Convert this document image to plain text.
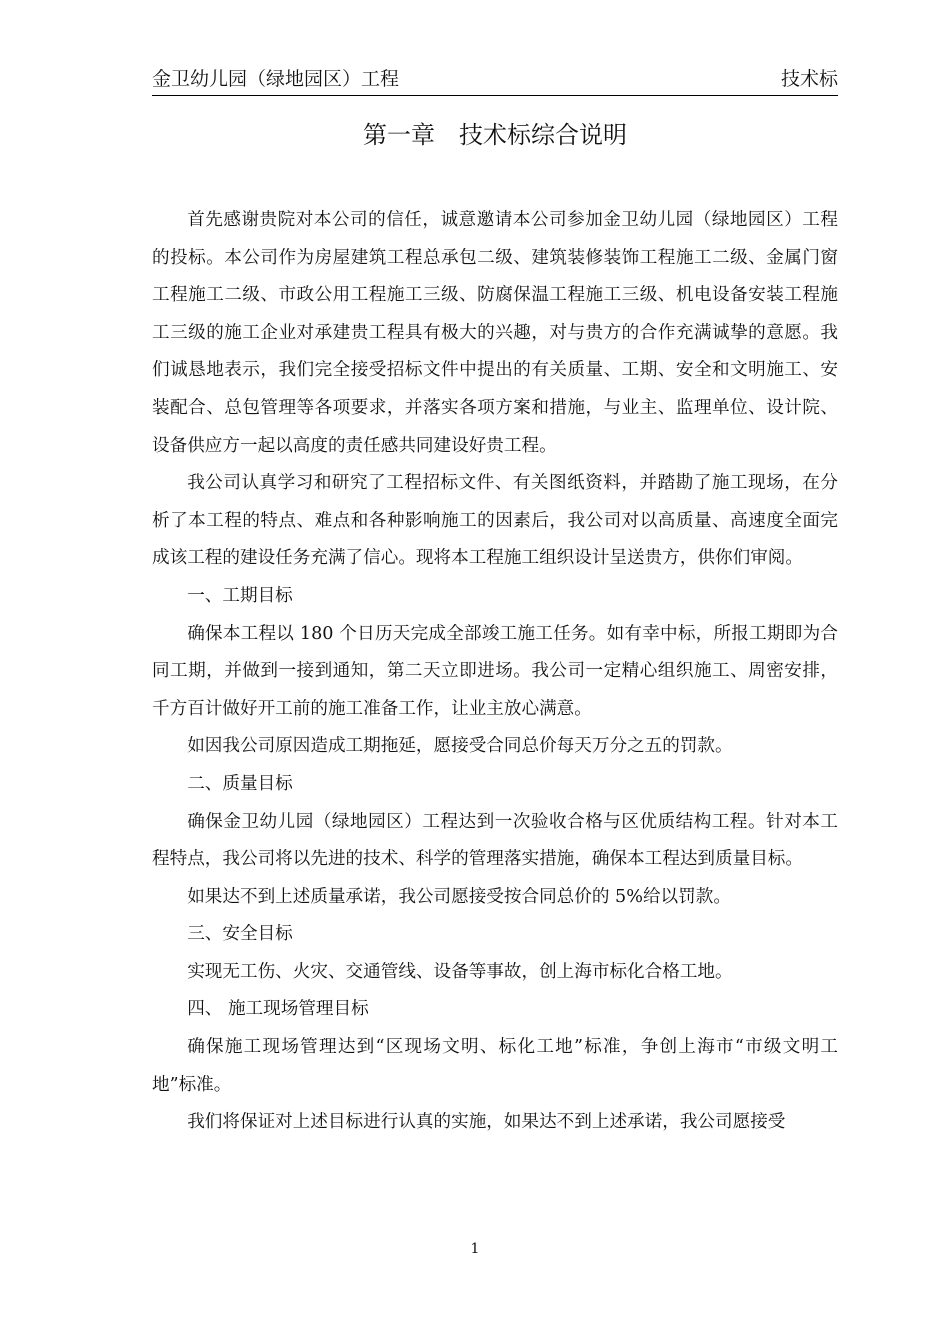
金卫幼儿园（绿地园区）工程	技术标
第一章　技术标综合说明

首先感谢贵院对本公司的信任，诚意邀请本公司参加金卫幼儿园（绿地园区）工程的投标。本公司作为房屋建筑工程总承包二级、建筑装修装饰工程施工二级、金属门窗工程施工二级、市政公用工程施工三级、防腐保温工程施工三级、机电设备安装工程施工三级的施工企业对承建贵工程具有极大的兴趣，对与贵方的合作充满诚挚的意愿。我们诚恳地表示，我们完全接受招标文件中提出的有关质量、工期、安全和文明施工、安装配合、总包管理等各项要求，并落实各项方案和措施，与业主、监理单位、设计院、设备供应方一起以高度的责任感共同建设好贵工程。

我公司认真学习和研究了工程招标文件、有关图纸资料，并踏勘了施工现场，在分析了本工程的特点、难点和各种影响施工的因素后，我公司对以高质量、高速度全面完成该工程的建设任务充满了信心。现将本工程施工组织设计呈送贵方，供你们审阅。

一、工期目标

确保本工程以 180 个日历天完成全部竣工施工任务。如有幸中标，所报工期即为合同工期，并做到一接到通知，第二天立即进场。我公司一定精心组织施工、周密安排，千方百计做好开工前的施工准备工作，让业主放心满意。

如因我公司原因造成工期拖延，愿接受合同总价每天万分之五的罚款。

二、质量目标

确保金卫幼儿园（绿地园区）工程达到一次验收合格与区优质结构工程。针对本工程特点，我公司将以先进的技术、科学的管理落实措施，确保本工程达到质量目标。

如果达不到上述质量承诺，我公司愿接受按合同总价的 5%给以罚款。

三、安全目标

实现无工伤、火灾、交通管线、设备等事故，创上海市标化合格工地。

四、 施工现场管理目标

确保施工现场管理达到“区现场文明、标化工地”标准，争创上海市“市级文明工地”标准。

我们将保证对上述目标进行认真的实施，如果达不到上述承诺，我公司愿接受

1
